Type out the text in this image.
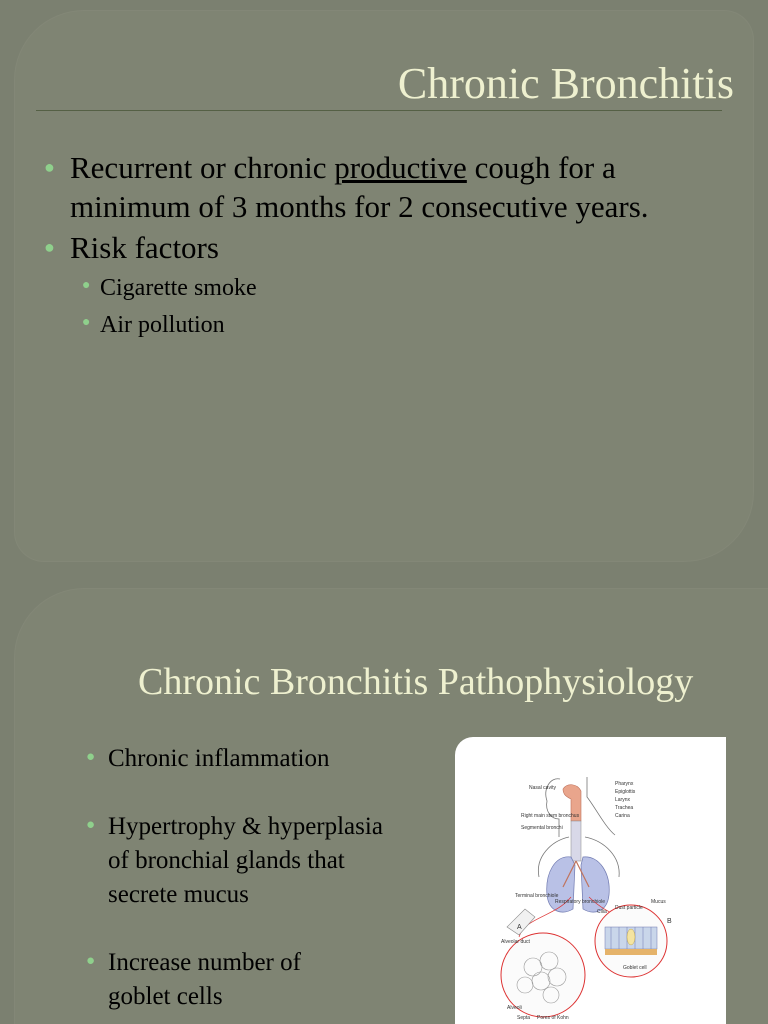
Chronic Bronchitis
● Recurrent or chronic productive cough for a minimum of 3 months for 2 consecutive years.
● Risk factors
● Cigarette smoke
● Air pollution
Chronic Bronchitis Pathophysiology
● Chronic inflammation
● Hypertrophy & hyperplasia of bronchial glands that secrete mucus
● Increase number of goblet cells
Nasal cavity
Pharynx
Epiglottis
Larynx
Trachea
Carina
Right main stem bronchus
Segmental bronchi
Terminal bronchiole
Respiratory bronchiole
Alveolar duct
Dust particle
Mucus
Cilia
Goblet cell
Alveoli
Septa Pores of Kohn
A
B
